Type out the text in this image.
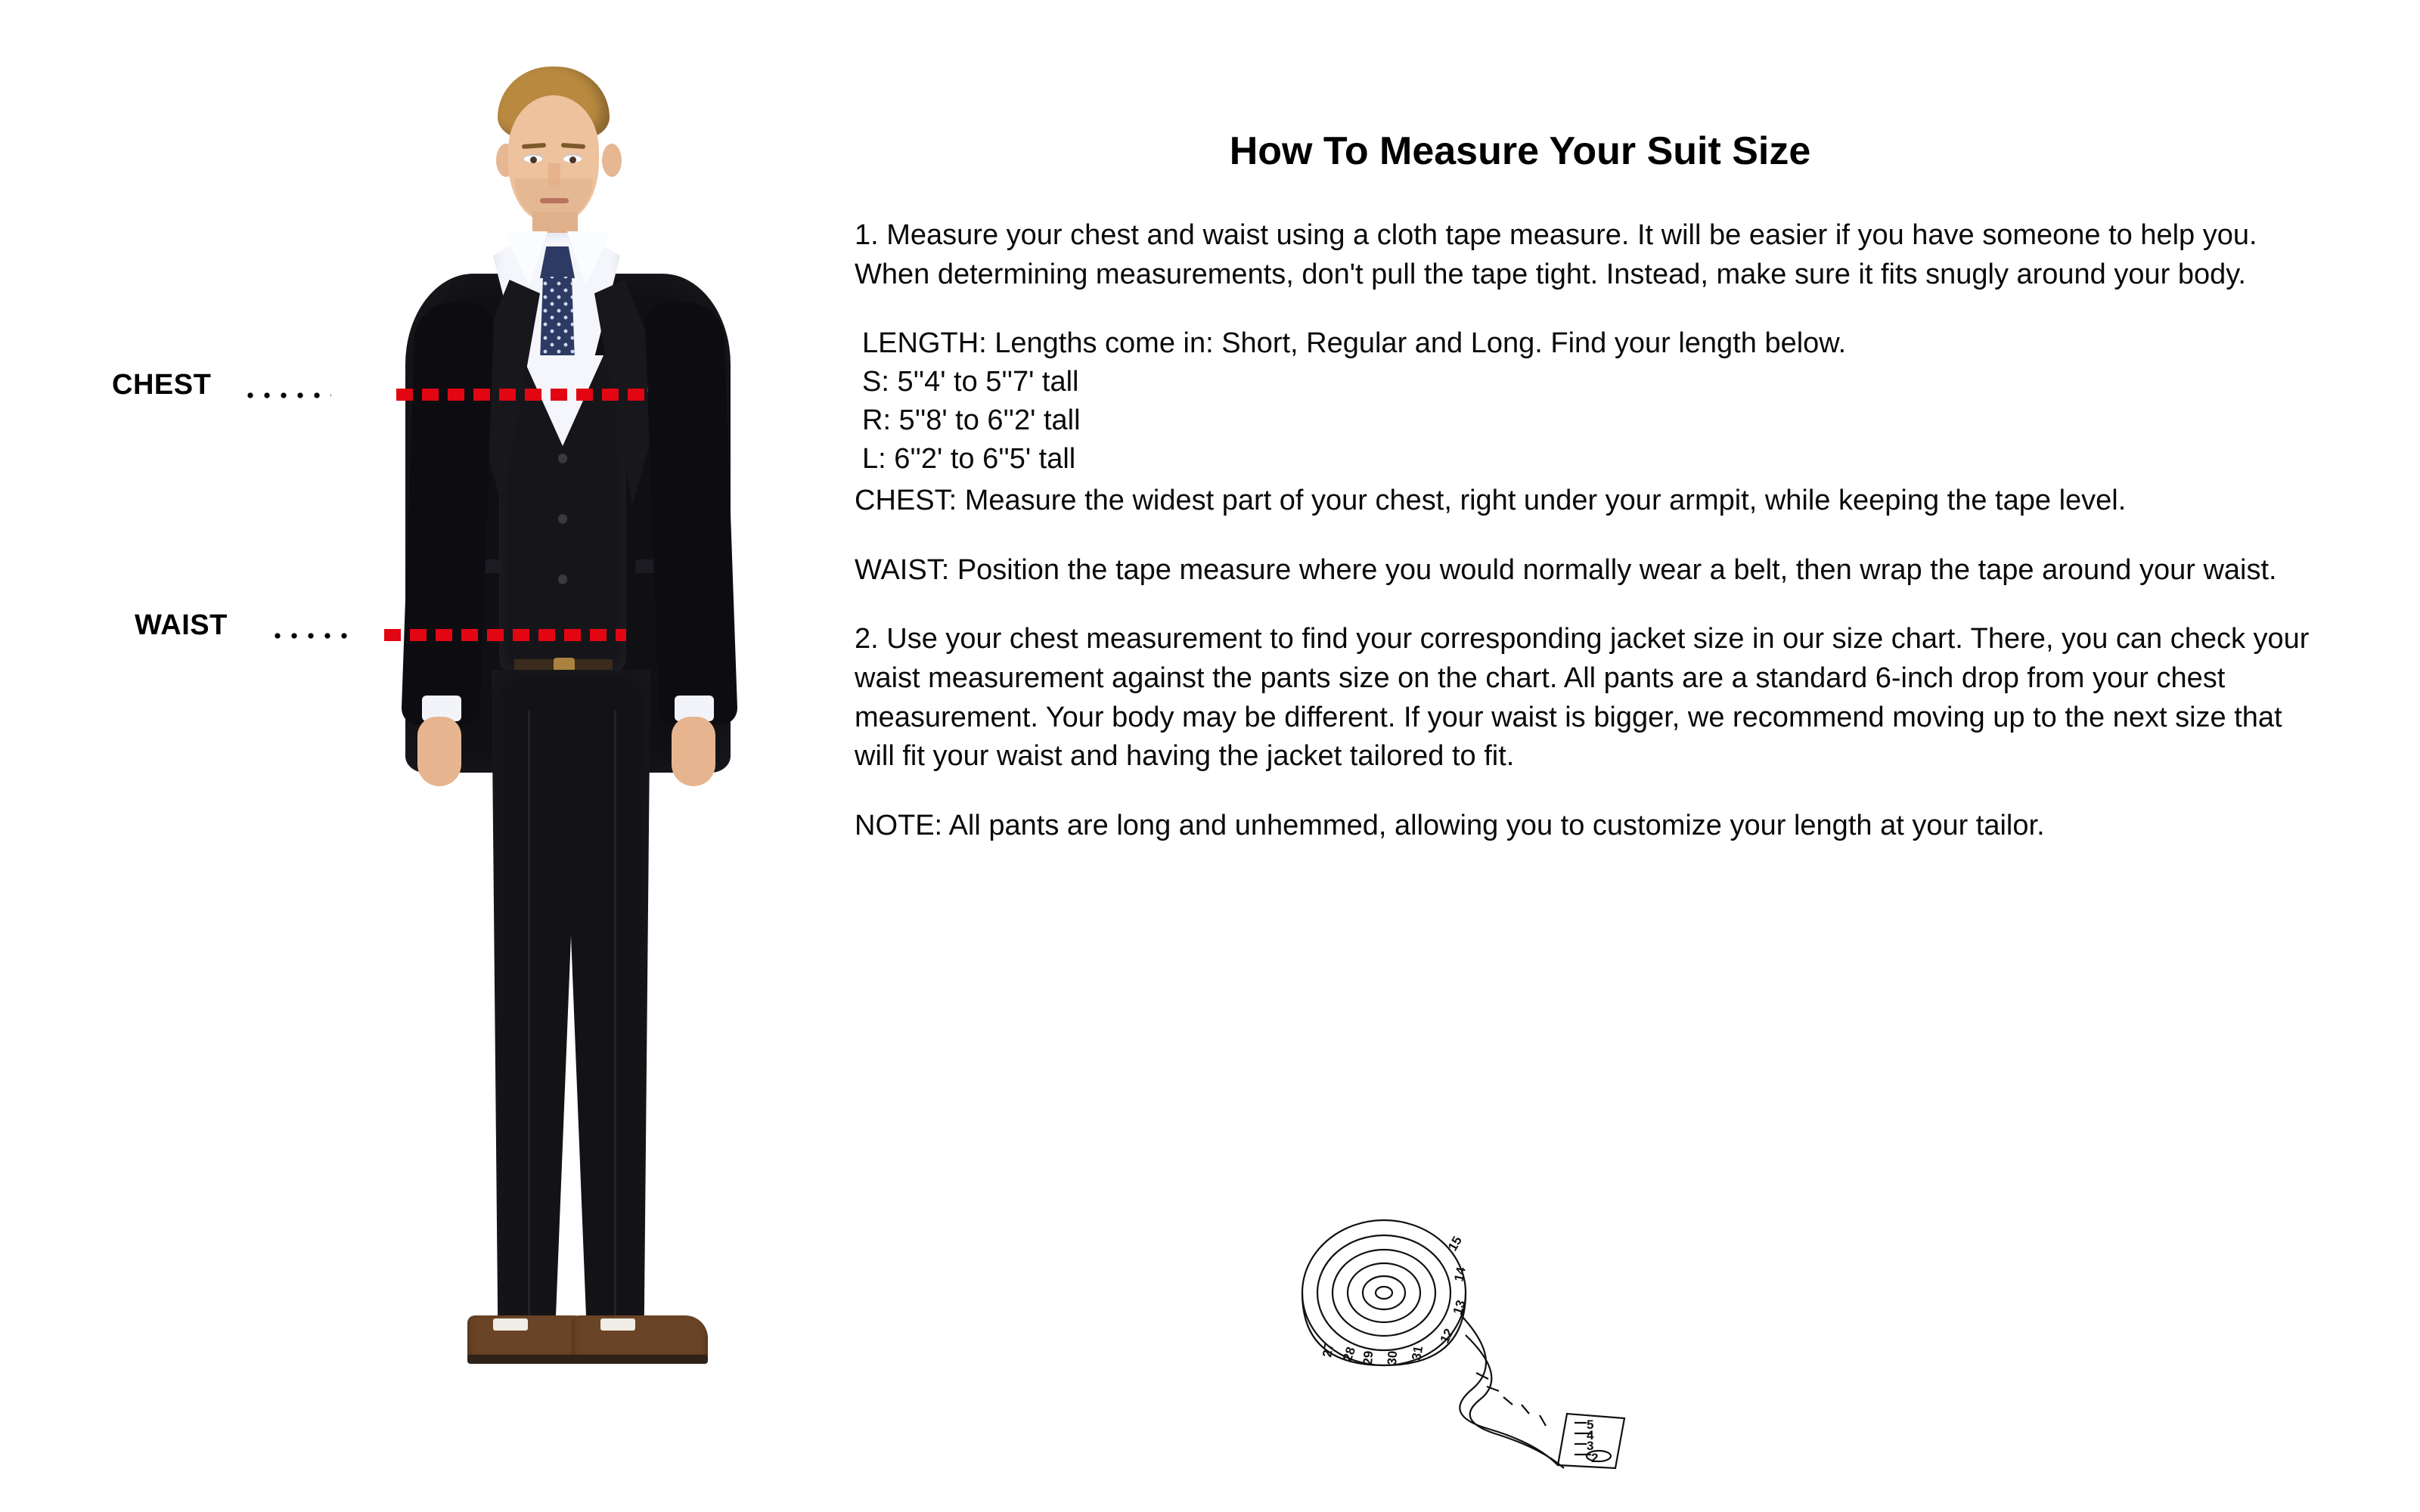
CHEST
WAIST
How To Measure Your Suit Size

1. Measure your chest and waist using a cloth tape measure. It will be easier if you have someone to help you. When determining measurements, don't pull the tape tight. Instead, make sure it fits snugly around your body.

LENGTH: Lengths come in: Short, Regular and Long. Find your length below.

S: 5''4' to 5''7' tall

R: 5''8' to 6''2' tall

L: 6''2' to 6''5' tall

CHEST: Measure the widest part of your chest, right under your armpit, while keeping the tape level.

WAIST: Position the tape measure where you would normally wear a belt, then wrap the tape around your waist.

2. Use your chest measurement to find your corresponding jacket size in our size chart. There, you can check your waist measurement against the pants size on the chart. All pants are a standard 6-inch drop from your chest measurement. Your body may be different. If your waist is bigger, we recommend moving up to the next size that will fit your waist and having the jacket tailored to fit.

NOTE: All pants are long and unhemmed, allowing you to customize your length at your tailor.

27 28 29 30 31
12
13
14
15
5
4
3
2
